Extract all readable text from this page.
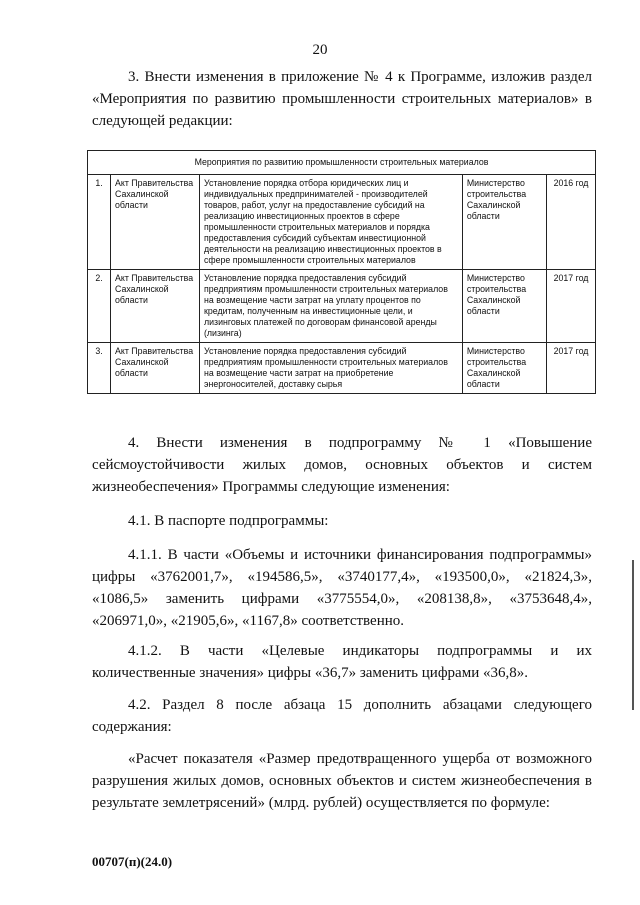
20

3. Внести изменения в приложение № 4 к Программе, изложив раздел «Мероприятия по развитию промышленности строительных материалов» в следующей редакции:

Мероприятия по развитию промышленности строительных материалов				
1.	Акт Правительства Сахалинской области	Установление порядка отбора юридических лиц и индивидуальных предпринимателей - производителей товаров, работ, услуг на предоставление субсидий на реализацию инвестиционных проектов в сфере промышленности строительных материалов и порядка предоставления субсидий субъектам инвестиционной деятельности на реализацию инвестиционных проектов в сфере промышленности строительных материалов	Министерство строительства Сахалинской области	2016 год
2.	Акт Правительства Сахалинской области	Установление порядка предоставления субсидий предприятиям промышленности строительных материалов на возмещение части затрат на уплату процентов по кредитам, полученным на инвестиционные цели, и лизинговых платежей по договорам финансовой аренды (лизинга)	Министерство строительства Сахалинской области	2017 год
3.	Акт Правительства Сахалинской области	Установление порядка предоставления субсидий предприятиям промышленности строительных материалов на возмещение части затрат на приобретение энергоносителей, доставку сырья	Министерство строительства Сахалинской области	2017 год

4. Внести изменения в подпрограмму № 1 «Повышение сейсмоустойчивости жилых домов, основных объектов и систем жизнеобеспечения» Программы следующие изменения:

4.1. В паспорте подпрограммы:

4.1.1. В части «Объемы и источники финансирования подпрограммы» цифры «3762001,7», «194586,5», «3740177,4», «193500,0», «21824,3», «1086,5» заменить цифрами «3775554,0», «208138,8», «3753648,4», «206971,0», «21905,6», «1167,8» соответственно.

4.1.2. В части «Целевые индикаторы подпрограммы и их количественные значения» цифры «36,7» заменить цифрами «36,8».

4.2. Раздел 8 после абзаца 15 дополнить абзацами следующего содержания:

«Расчет показателя «Размер предотвращенного ущерба от возможного разрушения жилых домов, основных объектов и систем жизнеобеспечения в результате землетрясений» (млрд. рублей) осуществляется по формуле:

00707(п)(24.0)
